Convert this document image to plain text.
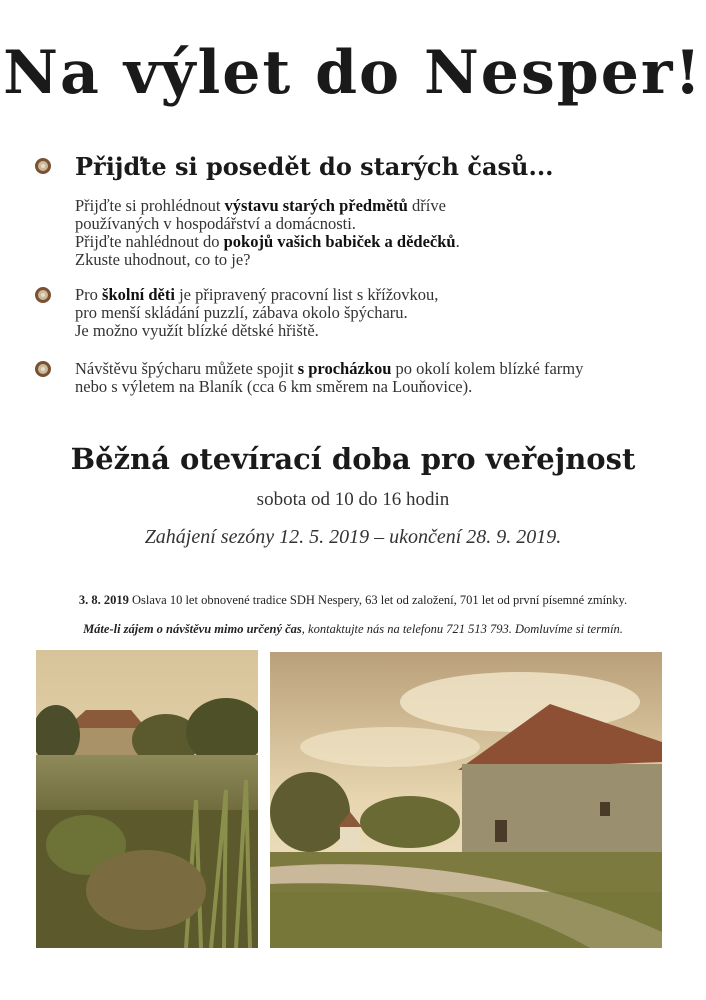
Na výlet do Nesper!
Přijďte si posedět do starých časů...
Přijďte si prohlédnout výstavu starých předmětů dříve
používaných v hospodářství a domácnosti.
Přijďte nahlédnout do pokojů vašich babiček a dědečků.
Zkuste uhodnout, co to je?
Pro školní děti je připravený pracovní list s křížovkou,
pro menší skládání puzzlí, zábava okolo špýcharu.
Je možno využít blízké dětské hřiště.
Návštěvu špýcharu můžete spojit s procházkou po okolí kolem blízké farmy
nebo s výletem na Blaník (cca 6 km směrem na Louňovice).
Běžná otevírací doba pro veřejnost
sobota od 10 do 16 hodin
Zahájení sezóny 12. 5. 2019 – ukončení 28. 9. 2019.
3. 8. 2019 Oslava 10 let obnovené tradice SDH Nespery, 63 let od založení, 701 let od první písemné zmínky.
Máte-li zájem o návštěvu mimo určený čas, kontaktujte nás na telefonu 721 513 793. Domluvíme si termín.
